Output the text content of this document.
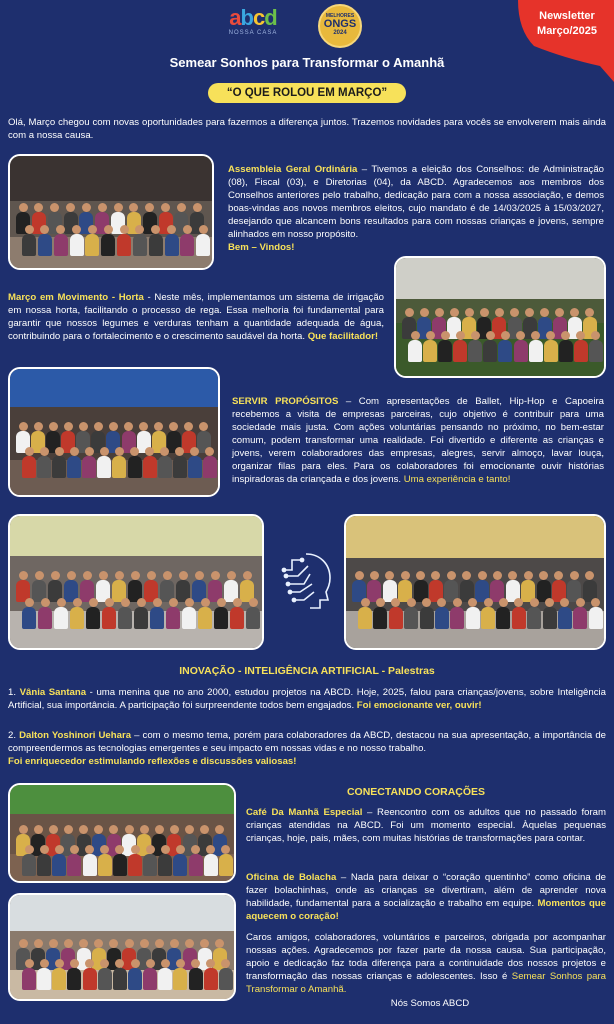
Newsletter
Março/2025
abcd
NOSSA CASA
MELHORES
ONGS
2024
Semear Sonhos para Transformar o Amanhã
“O QUE ROLOU EM MARÇO”

Olá, Março chegou com novas oportunidades para fazermos a diferença juntos. Trazemos novidades para vocês se envolverem mais ainda com a nossa causa.

Assembleia Geral Ordinária – Tivemos a eleição dos Conselhos: de Administração (08), Fiscal (03), e Diretorias (04), da ABCD. Agradecemos aos membros dos Conselhos anteriores pelo trabalho, dedicação para com a nossa associação, e demos boas-vindas aos novos membros eleitos, cujo mandato é de 14/03/2025 à 15/03/2027, desejando que alcancem bons resultados para com nossas crianças e jovens, sempre alinhados em nosso propósito.
Bem – Vindos!

Março em Movimento - Horta - Neste mês, implementamos um sistema de irrigação em nossa horta, facilitando o processo de rega. Essa melhoria foi fundamental para garantir que nossos legumes e verduras tenham a quantidade adequada de água, contribuindo para o fortalecimento e o crescimento saudável da horta. Que facilitador!

SERVIR PROPÓSITOS – Com apresentações de Ballet, Hip-Hop e Capoeira recebemos a visita de empresas parceiras, cujo objetivo é contribuir para uma sociedade mais justa. Com ações voluntárias pensando no próximo, no bem-estar comum, podem transformar uma realidade. Foi divertido e diferente as crianças e jovens, verem colaboradores das empresas, alegres, servir almoço, lavar louça, organizar filas para eles. Para os colaboradores foi emocionante ouvir histórias inspiradoras da criançada e dos jovens. Uma experiência e tanto!

INOVAÇÃO - INTELIGÊNCIA ARTIFICIAL - Palestras

1. Vânia Santana - uma menina que no ano 2000, estudou projetos na ABCD. Hoje, 2025, falou para crianças/jovens, sobre Inteligência Artificial, sua importância. A participação foi surpreendente todos bem engajados. Foi emocionante ver, ouvir!

2. Dalton Yoshinori Uehara – com o mesmo tema, porém para colaboradores da ABCD, destacou na sua apresentação, a importância de compreendermos as tecnologias emergentes e seu impacto em nossas vidas e no nosso trabalho.
Foi enriquecedor estimulando reflexões e discussões valiosas!

CONECTANDO CORAÇÕES

Café Da Manhã Especial – Reencontro com os adultos que no passado foram crianças atendidas na ABCD. Foi um momento especial. Àquelas pequenas crianças, hoje, pais, mães, com muitas histórias de transformações para contar.

Oficina de Bolacha – Nada para deixar o “coração quentinho” como oficina de fazer bolachinhas, onde as crianças se divertiram, além de aprender nova habilidade, fundamental para a socialização e trabalho em equipe. Momentos que aquecem o coração!

Caros amigos, colaboradores, voluntários e parceiros, obrigada por acompanhar nossas ações. Agradecemos por fazer parte da nossa causa. Sua participação, apoio e dedicação faz toda diferença para a continuidade dos nossos projetos e transformação das nossas crianças e adolescentes. Isso é Semear Sonhos para Transformar o Amanhã.

Nós Somos ABCD
